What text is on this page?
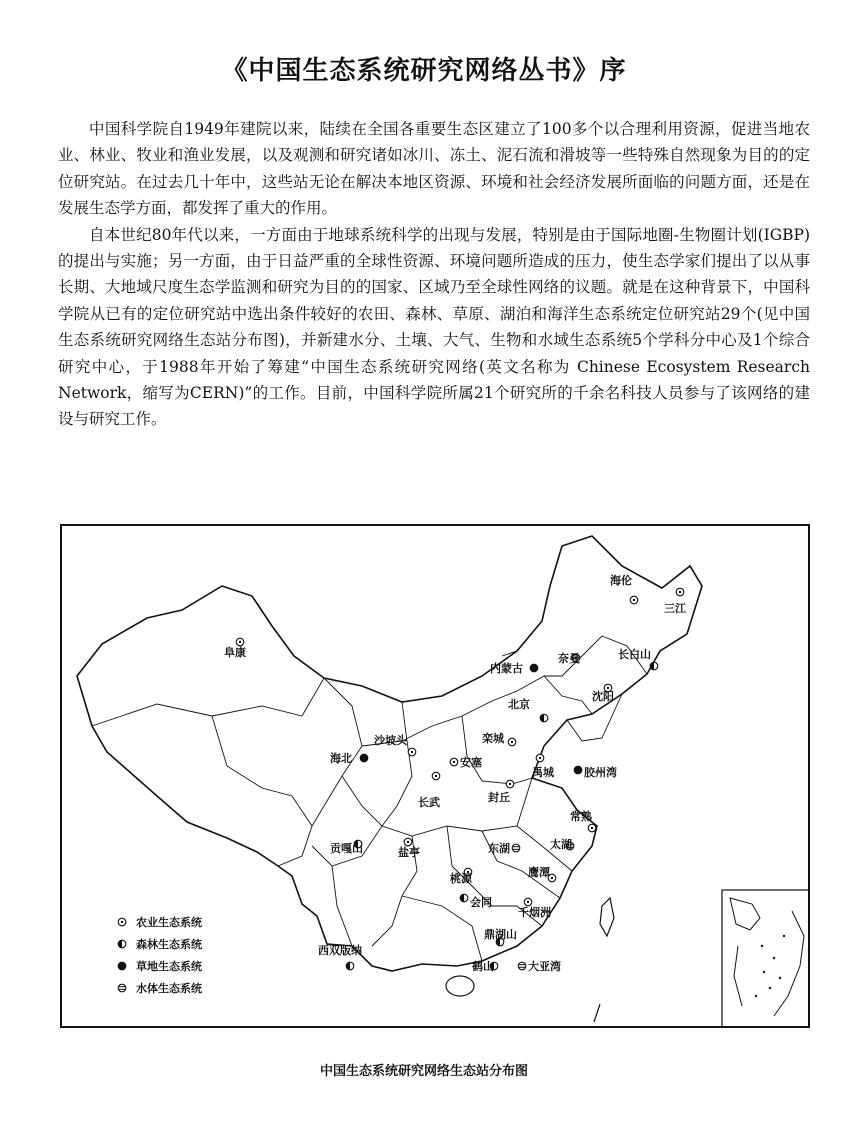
《中国生态系统研究网络丛书》序

中国科学院自1949年建院以来，陆续在全国各重要生态区建立了100多个以合理利用资源，促进当地农业、林业、牧业和渔业发展，以及观测和研究诸如冰川、冻土、泥石流和滑坡等一些特殊自然现象为目的的定位研究站。在过去几十年中，这些站无论在解决本地区资源、环境和社会经济发展所面临的问题方面，还是在发展生态学方面，都发挥了重大的作用。

自本世纪80年代以来，一方面由于地球系统科学的出现与发展，特别是由于国际地圈-生物圈计划(IGBP)的提出与实施；另一方面，由于日益严重的全球性资源、环境问题所造成的压力，使生态学家们提出了以从事长期、大地域尺度生态学监测和研究为目的的国家、区域乃至全球性网络的议题。就是在这种背景下，中国科学院从已有的定位研究站中选出条件较好的农田、森林、草原、湖泊和海洋生态系统定位研究站29个(见中国生态系统研究网络生态站分布图)，并新建水分、土壤、大气、生物和水域生态系统5个学科分中心及1个综合研究中心，于1988年开始了筹建“中国生态系统研究网络(英文名称为 Chinese Ecosystem Research Network，缩写为CERN)”的工作。目前，中国科学院所属21个研究所的千余名科技人员参与了该网络的建设与研究工作。

海伦
三江
阜康
内蒙古
奈曼	长白山
沈阳
北京
沙坡头	栾城
海北	安塞
禹城	胶州湾
长武	封丘
常熟
贡嘎山	盐亭	东湖	太湖
桃源	鹰潭
会同
千烟洲
鼎湖山
西双版纳
鹤山	大亚湾
农业生态系统
森林生态系统
草地生态系统
水体生态系统
中国生态系统研究网络生态站分布图
